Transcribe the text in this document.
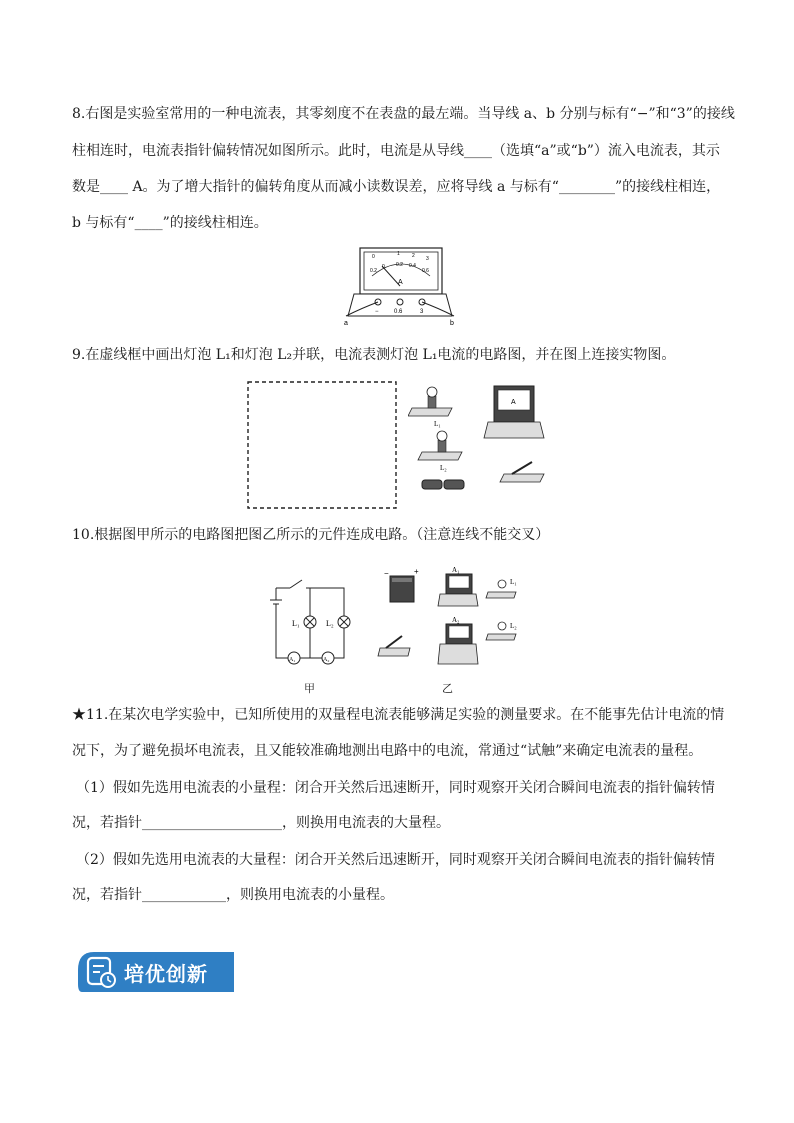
8.右图是实验室常用的一种电流表，其零刻度不在表盘的最左端。当导线 a、b 分别与标有“−”和“3”的接线
柱相连时，电流表指针偏转情况如图所示。此时，电流是从导线____（选填“a”或“b”）流入电流表，其示
数是____ A。为了增大指针的偏转角度从而减小读数误差，应将导线 a 与标有“________”的接线柱相连，
b 与标有“____”的接线柱相连。
0	1 2 3
0.2
0 0.2 0.4
0.6
A
−	0.6	3
a	b
9.在虚线框中画出灯泡 L₁和灯泡 L₂并联，电流表测灯泡 L₁电流的电路图，并在图上连接实物图。
L₁
L₂
A
10.根据图甲所示的电路图把图乙所示的元件连成电路。（注意连线不能交叉）
L₁	L₂
A₁	A₂
甲
−	+	A₁
L₁
A₂
L₂
乙
★11.在某次电学实验中，已知所使用的双量程电流表能够满足实验的测量要求。在不能事先估计电流的情
况下，为了避免损坏电流表，且又能较准确地测出电路中的电流，常通过“试触”来确定电流表的量程。
（1）假如先选用电流表的小量程：闭合开关然后迅速断开，同时观察开关闭合瞬间电流表的指针偏转情
况，若指针____________________，则换用电流表的大量程。
（2）假如先选用电流表的大量程：闭合开关然后迅速断开，同时观察开关闭合瞬间电流表的指针偏转情
况，若指针____________，则换用电流表的小量程。
培优创新
